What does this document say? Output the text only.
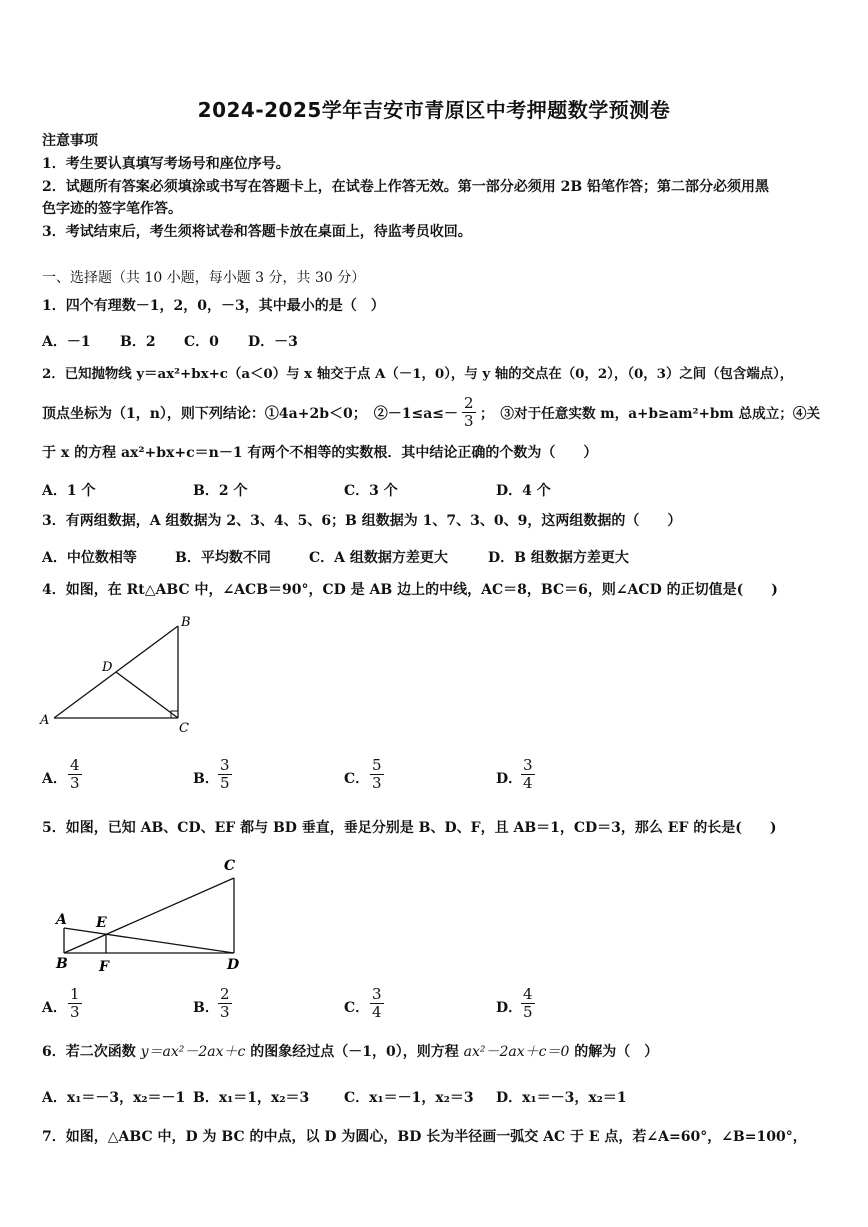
2024-2025学年吉安市青原区中考押题数学预测卷
注意事项
1．考生要认真填写考场号和座位序号。
2．试题所有答案必须填涂或书写在答题卡上，在试卷上作答无效。第一部分必须用 2B 铅笔作答；第二部分必须用黑
色字迹的签字笔作答。
3．考试结束后，考生须将试卷和答题卡放在桌面上，待监考员收回。
一、选择题（共 10 小题，每小题 3 分，共 30 分）
1．四个有理数－1，2，0，－3，其中最小的是（　）
A．－1 B．2 C．0 D．－3
2．已知抛物线 y＝ax²+bx+c（a＜0）与 x 轴交于点 A（－1，0），与 y 轴的交点在（0，2），（0，3）之间（包含端点），
顶点坐标为（1，n），则下列结论：①4a+2b＜0；　②－1≤a≤－ $\frac{2}{3}$ ；　③对于任意实数 m，a+b≥am²+bm 总成立；④关
于 x 的方程 ax²+bx+c＝n－1 有两个不相等的实数根．其中结论正确的个数为（　　）
A．1 个	B．2 个	C．3 个	D．4 个
3．有两组数据，A 组数据为 2、3、4、5、6；B 组数据为 1、7、3、0、9，这两组数据的（　　）
A．中位数相等	B．平均数不同	C．A 组数据方差更大	D．B 组数据方差更大
4．如图，在 Rt△ABC 中，∠ACB＝90°，CD 是 AB 边上的中线，AC＝8，BC＝6，则∠ACD 的正切值是(　　)
A
B
C
D
A． $\frac{4}{3}$	B． $\frac{3}{5}$	C． $\frac{5}{3}$	D．
$\frac{3}{4}$
5．如图，已知 AB、CD、EF 都与 BD 垂直，垂足分别是 B、D、F，且 AB＝1，CD＝3，那么 EF 的长是(　　)
A
B
C
D
E
F
A． $\frac{1}{3}$	B． $\frac{2}{3}$	C． $\frac{3}{4}$	D．
$\frac{4}{5}$
6．若二次函数 y＝ax²－2ax＋c 的图象经过点（－1，0），则方程 ax²－2ax＋c＝0 的解为（　）
A．x₁＝－3，x₂＝－1 B．x₁＝1，x₂＝3 C．x₁＝－1，x₂＝3 D．x₁＝－3，x₂＝1
7．如图，△ABC 中，D 为 BC 的中点，以 D 为圆心，BD 长为半径画一弧交 AC 于 E 点，若∠A=60°，∠B=100°，
